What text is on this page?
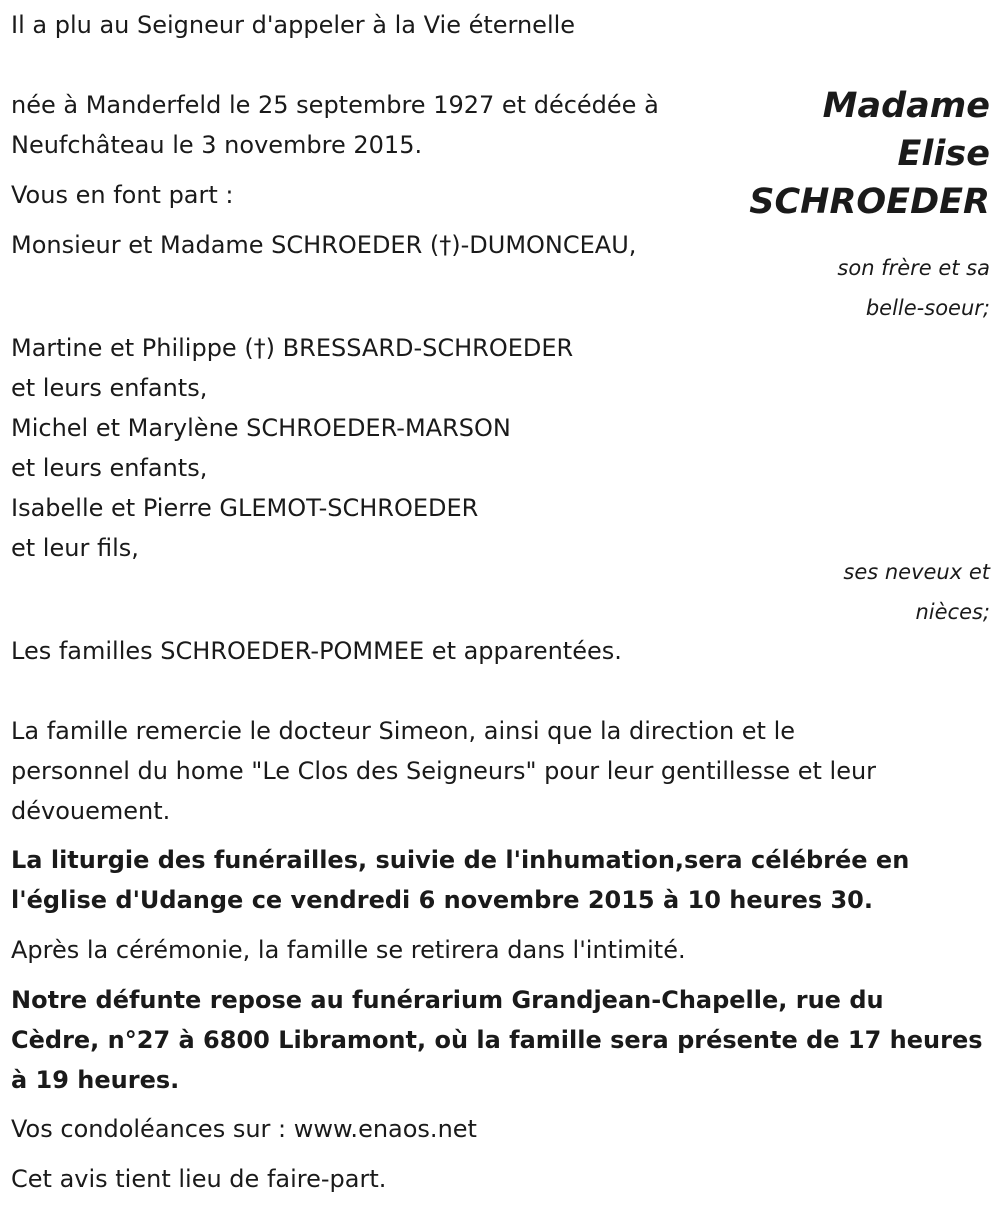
Il a plu au Seigneur d'appeler à la Vie éternelle
Madame
Elise
SCHROEDER
née à Manderfeld le 25 septembre 1927 et décédée à
Neufchâteau le 3 novembre 2015.
Vous en font part :
Monsieur et Madame SCHROEDER (†)-DUMONCEAU,
son frère et sa
belle-soeur;
Martine et Philippe (†) BRESSARD-SCHROEDER
et leurs enfants,
Michel et Marylène SCHROEDER-MARSON
et leurs enfants,
Isabelle et Pierre GLEMOT-SCHROEDER
et leur fils,
ses neveux et
nièces;
Les familles SCHROEDER-POMMEE et apparentées.
La famille remercie le docteur Simeon, ainsi que la direction et le
personnel du home "Le Clos des Seigneurs" pour leur gentillesse et leur
dévouement.
La liturgie des funérailles, suivie de l'inhumation,sera célébrée en
l'église d'Udange ce vendredi 6 novembre 2015 à 10 heures 30.
Après la cérémonie, la famille se retirera dans l'intimité.
Notre défunte repose au funérarium Grandjean-Chapelle, rue du
Cèdre, n°27 à 6800 Libramont, où la famille sera présente de 17 heures
à 19 heures.
Vos condoléances sur : www.enaos.net
Cet avis tient lieu de faire-part.
